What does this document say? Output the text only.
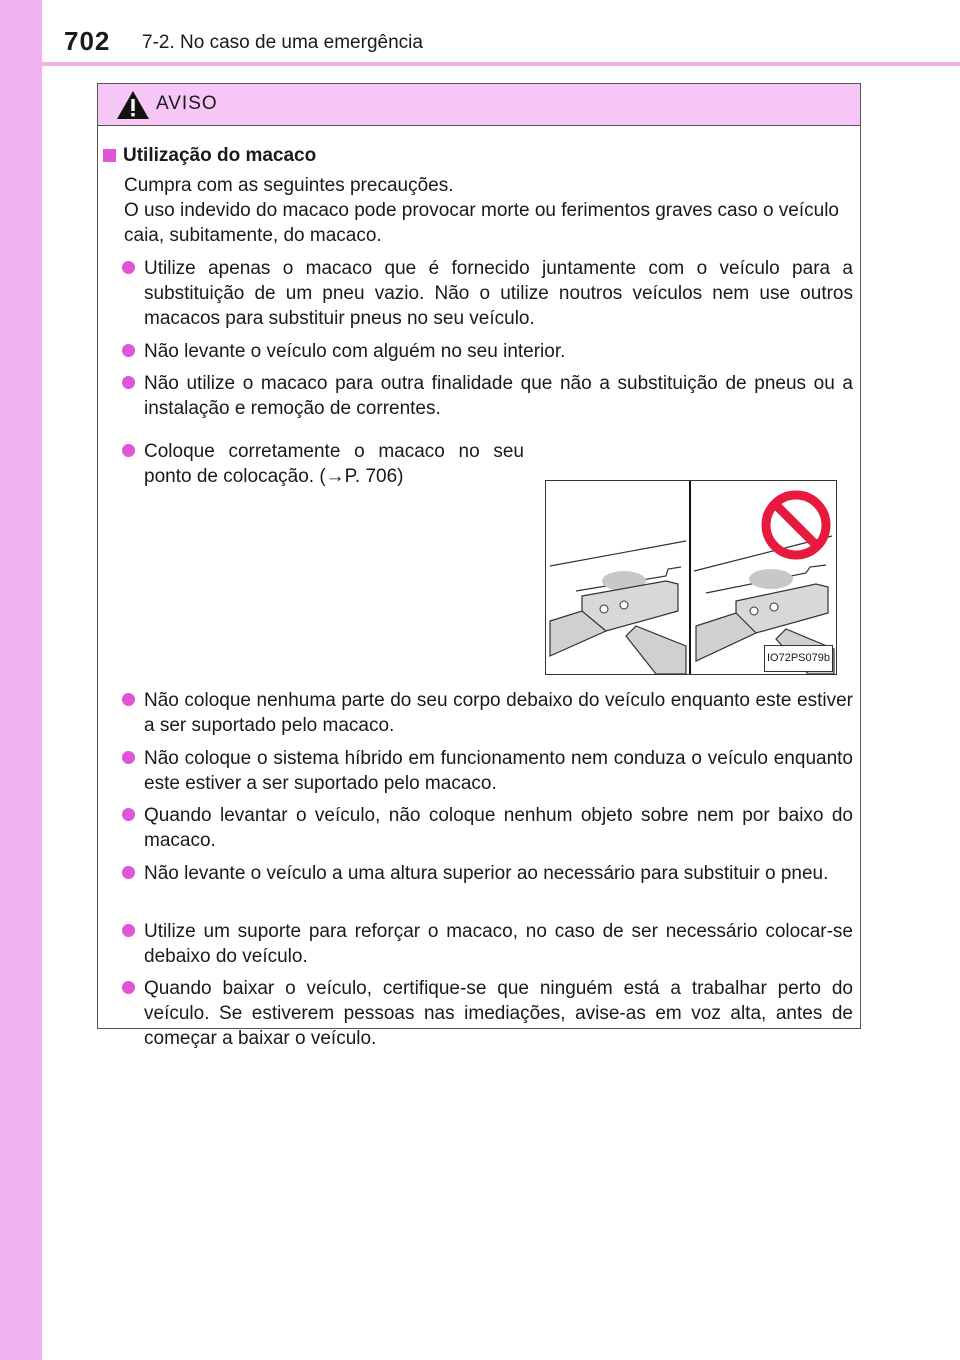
702 7-2. No caso de uma emergência
AVISO
Utilização do macaco

Cumpra com as seguintes precauções.

O uso indevido do macaco pode provocar morte ou ferimentos graves caso o veículo caia, subitamente, do macaco.

Utilize apenas o macaco que é fornecido juntamente com o veículo para a substituição de um pneu vazio. Não o utilize noutros veículos nem use outros macacos para substituir pneus no seu veículo.
Não levante o veículo com alguém no seu interior.
Não utilize o macaco para outra finalidade que não a substituição de pneus ou a instalação e remoção de correntes.
Coloque corretamente o macaco no seu ponto de colocação. (→P. 706)
IO72PS079b
Não coloque nenhuma parte do seu corpo debaixo do veículo enquanto este estiver a ser suportado pelo macaco.
Não coloque o sistema híbrido em funcionamento nem conduza o veículo enquanto este estiver a ser suportado pelo macaco.
Quando levantar o veículo, não coloque nenhum objeto sobre nem por baixo do macaco.
Não levante o veículo a uma altura superior ao necessário para substituir o pneu.
Utilize um suporte para reforçar o macaco, no caso de ser necessário colocar-se debaixo do veículo.
Quando baixar o veículo, certifique-se que ninguém está a trabalhar perto do veículo. Se estiverem pessoas nas imediações, avise-as em voz alta, antes de começar a baixar o veículo.
